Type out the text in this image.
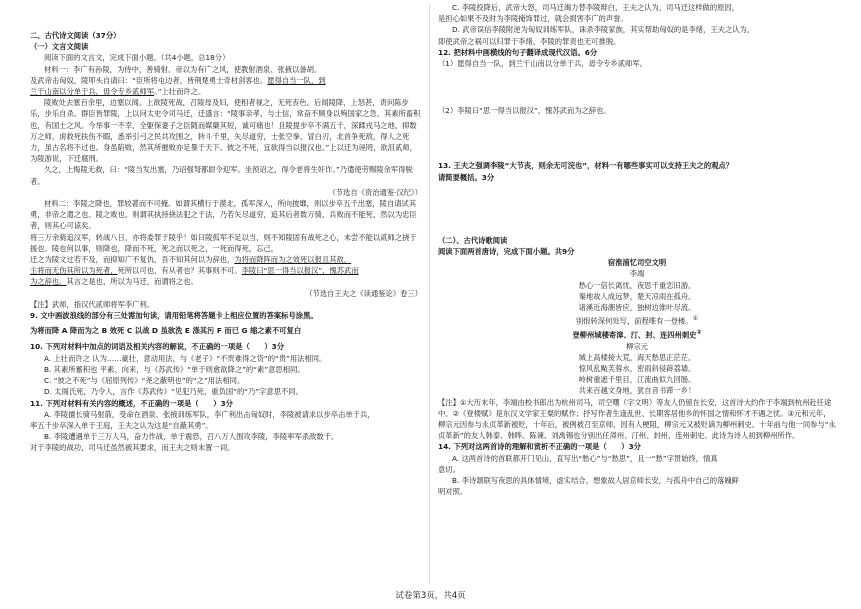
二、古代诗文阅读（37分）

（一）文言文阅读

阅读下面的文言文，完成下面小题。（共4小题，总18分）

材料一：李广有孙陵，为侍中，善骑射。帝以为有广之风，使教射酒泉、张掖以备胡。

及武帝击匈奴，陵叩头自请曰：“臣所将屯边者，皆荆楚勇士奇材剑客也。愿得自当一队，到

兰干山南以分单于兵，毋令专乡贰师军。”上壮而许之。

陵败处去塞百余里，边塞以闻。上欲陵死战，召陵母及妇，使相者视之，无死丧色。后闻陵降，上怒甚，责问陈步乐，步乐自杀。群臣皆罪陵，上以问太史令司马迁，迁盛言：“陵事亲孝，与士信，常奋不顾身以殉国家之急，其素所畜积也，有国士之风。今举事一不幸，全躯保妻子之臣随而媒蘖其短，诚可痛也！且陵提步卒不满五千，深蹂戎马之地，抑数万之师，虏救死扶伤不暇，悉举引弓之民共攻围之，转斗千里，矢尽道穷，士张空拳，冒白刃，北首争死敌，得人之死力，虽古名将不过也。身虽陷败，然其所摧败亦足暴于天下。彼之不死，宜欲得当以报汉也。”上以迁为诬罔，欲沮贰师，为陵游说，下迁腐刑。

久之，上悔陵无救，曰：“陵当发出塞，乃诏强弩都尉令迎军。坐预诏之，得令老将生奸诈。”乃遣使劳赐陵余军得脱者。

（节选自《资治通鉴·汉纪》）

材料二：李陵之降也，罪较著而不可掩。如谓其横行于漠北，孤军深入，所向披靡，则以步卒五千出塞，陵自请试其勇，非帝之遣之也。陵之败也，则谓其执持挠法犯之于法，乃若矢尽道穷，追其后者数万骑，兵败而不能死，然以为忠臣者，则其心可谅矣。

将三万余骑追汉军，转战八日，亦将委罪于陵乎！如曰陵孤军不足以当，则不知陵固有战死之心，未尝不能以贰师之挠于援也。陵也何以事，则降也，降而不死，死之而以死之，一死而得死，忘己，

迁之为陵文过若不及，而抑知广不复仇，吾不知其何以为辞也，为将而降阵而为之效死以报且其敌，

主将而无伤其所以为死者，死所以可也，有从者也？其事则不可。李陵曰“思一得当以报汉”，愧苏武而

为之辞也。其言之是也，所以为马迁，而谓将之也。

（节选自王夫之《读通鉴论》卷三）

【注】武师，指汉代贰师将军李广利。

9. 文中画波浪线的部分有三处需加句读，请用铅笔将答题卡上相应位置的答案标号涂黑。

为将而降 A 降而为之 B 效死 C 以战 D 虽欲洗 E 涤其污 F 而已 G 缩之素不可复白

10. 下列对材料中加点的词语及相关内容的解说，不正确的一项是（　　）3分

A. 上壮而许之 认为……豪壮，意动用法，与《老子》“不贵难得之货”的“贵”用法相同。

B. 其素所蓄积也 平素、向来，与《苏武传》“单于则愈欲降之”的“素”意思相同。

C. “彼之不死”与《屈原列传》“尧之蔽明也”的“之”用法相同。

D. 太阁氏死，乃令人，言作《苏武传》“见犯乃死，重负国”的“乃”字意思不同。

11. 下列对材料有关内容的概述，不正确的一项是（　　）3分

A. 李陵擅长骑马射箭，受命在酒泉、张掖训练军队，李广利出击匈奴时，李陵被请求以步卒击单于兵，

率五千步卒深入单于王庭，王夫之认为这是“自蔽其勇”。

B. 李陵遭遇单于三万人马，奋力作战，单于震恐，召八万人围攻李陵，李陵率军杀敌数千。

对于李陵的战功，司马迁虽然被其要求，而王夫之则未置一词。

C. 李陵投降后，武帝大怒，司马迁竭力替李陵辩白，王夫之认为，司马迁这样做的原因，

是担心如果不及时为李陵掩饰罪过，就会损害李广的声誉。

D. 武帝误信李陵附逆为匈奴训练军队，诛杀李陵家族，其实帮助匈奴的是李绪，王夫之认为，

即使武帝之祸可以归罪于李绪，李陵的罪责也无可推脱。

12. 把材料中画横线的句子翻译成现代汉语。6分

（1）愿得自当一队，到兰干山南以分单于兵，毋令专乡贰师军。

（2）李陵曰“思一得当以报汉”，愧苏武而为之辞也。

13. 王夫之强调李陵“大节丧，则余无可浣也”，材料一有哪些事实可以支持王夫之的观点？

请简要概括。3分

（二）、古代诗歌阅读

阅读下面两首唐诗，完成下面小题。共9分

宿淮浦忆司空文明

李端

愁心一倍长离忧，夜思千重恋旧游。

秦地故人成远梦，楚天凉雨在孤舟。

诸溪近海潮皆应，独树边淮叶尽流。

别恨转深何处写，前程唯有一登楼。①

登柳州城楼寄漳、汀、封、连四州刺史②

柳宗元

城上高楼接大荒，海天愁思正茫茫。

惊风乱飐芙蓉水，密雨斜侵薜荔墙。

岭树重遮千里目，江流曲似九回肠。

共来百越文身地，犹自音书滞一乡！

【注】①大历末年，李端由校书郎出为杭州司马，司空曙（字文明）等友人仍留在长安，这首诗大约作于李端到杭州赴任途中。②《登楼赋》是东汉文学家王粲的赋作；抒写作者生逢乱世、长期客居他乡的怀国之情和怀才不遇之忧。③元和元年，柳宗元因参与永贞革新被贬，十年后，被例被召至京师，因有人梗阻，柳宗元又被贬谪为柳州刺史。十年前与他一同参与“永贞革新”的友人韩泰、韩晔、陈谏、刘禹锡也分别出任漳州、汀州、封州、连州刺史。此诗为诗人初到柳州所作。

14. 下列对这两首诗的理解和赏析不正确的一项是（　　）3分

A. 这两首诗的首联都开门见山，直写出“愁心”与“愁思”，且一“愁”字贯始终，情真

意切。

B. 李诗颔联写夜思的具体情境，虚实结合，想象故人居京师长安，与孤舟中自己的落魄鲜

明对照。

试卷第3页，共4页
